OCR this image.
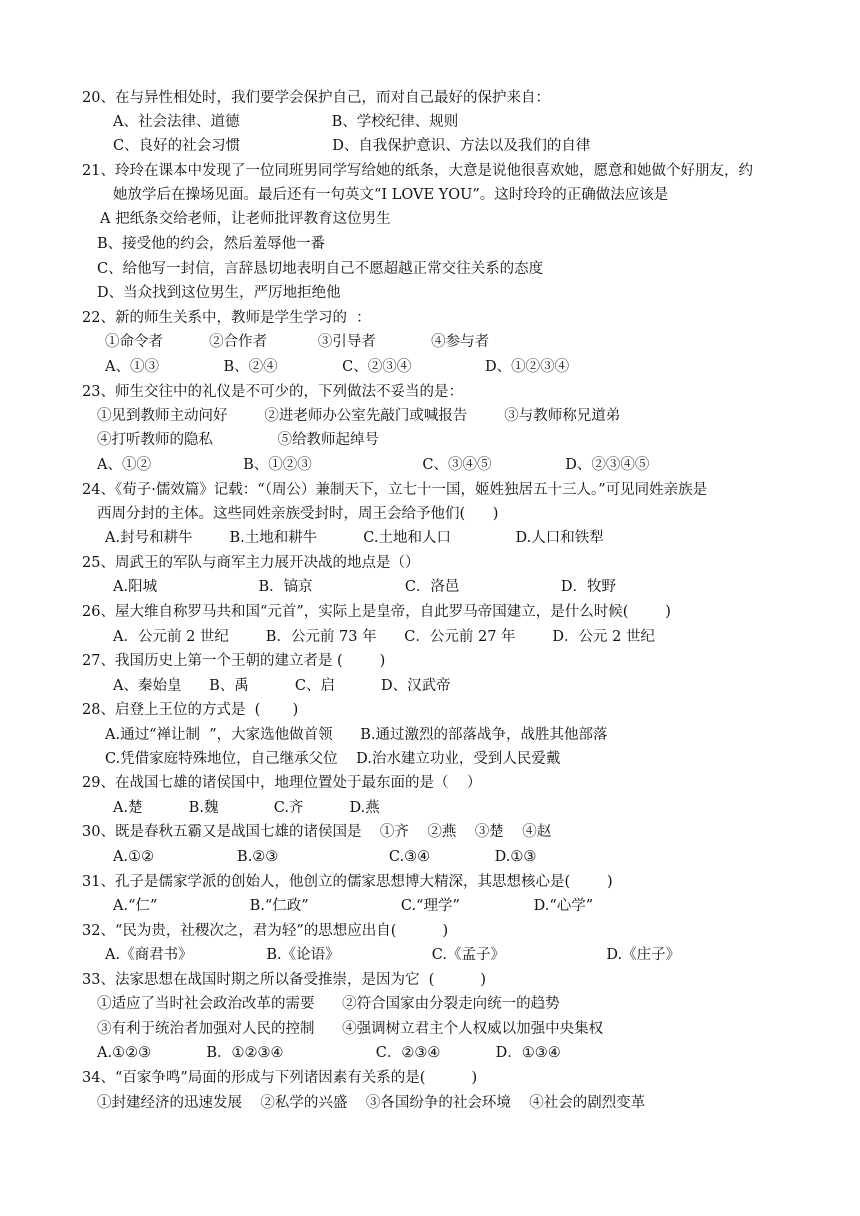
20、在与异性相处时，我们要学会保护自己，而对自己最好的保护来自：
A、社会法律、道德                    B、学校纪律、规则
C、良好的社会习惯                    D、自我保护意识、方法以及我们的自律
21、玲玲在课本中发现了一位同班男同学写给她的纸条，大意是说他很喜欢她，愿意和她做个好朋友，约
她放学后在操场见面。最后还有一句英文“I LOVE YOU”。这时玲玲的正确做法应该是
A 把纸条交给老师，让老师批评教育这位男生
B、接受他的约会，然后羞辱他一番
C、给他写一封信，言辞恳切地表明自己不愿超越正常交往关系的态度
D、当众找到这位男生，严厉地拒绝他
22、新的师生关系中，教师是学生学习的  ：
①命令者          ②合作者           ③引导者            ④参与者
A、①③              B、②④              C、②③④                D、①②③④
23、师生交往中的礼仪是不可少的，下列做法不妥当的是：
①见到教师主动问好        ②进老师办公室先敲门或喊报告        ③与教师称兄道弟
④打听教师的隐私              ⑤给教师起绰号
A、①②                    B、①②③                        C、③④⑤                D、②③④⑤
24、《荀子·儒效篇》记载：“（周公）兼制天下，立七十一国，姬姓独居五十三人。”可见同姓亲族是
西周分封的主体。这些同姓亲族受封时，周王会给予他们(      )
A.封号和耕牛        B.土地和耕牛          C.土地和人口              D.人口和铁犁
25、周武王的军队与商军主力展开决战的地点是（）
A.阳城                      B．镐京                    C．洛邑                      D．牧野
26、屋大维自称罗马共和国“元首”，实际上是皇帝，自此罗马帝国建立，是什么时候(        )
A．公元前 2 世纪        B．公元前 73 年      C．公元前 27 年        D．公元 2 世纪
27、我国历史上第一个王朝的建立者是 (        )
A、秦始皇      B、禹          C、启          D、汉武帝
28、启登上王位的方式是  (       )
A.通过“禅让制  ”，大家选他做首领      B.通过激烈的部落战争，战胜其他部落
C.凭借家庭特殊地位，自己继承父位    D.治水建立功业，受到人民爱戴
29、在战国七雄的诸侯国中，地理位置处于最东面的是（    ）
A.楚          B.魏            C.齐          D.燕
30、既是春秋五霸又是战国七雄的诸侯国是    ①齐    ②燕    ③楚    ④赵
A.①②                  B.②③                        C.③④              D.①③
31、孔子是儒家学派的创始人，他创立的儒家思想博大精深，其思想核心是(        )
A.“仁”                    B.“仁政”                    C.“理学”                D.“心学”
32、“民为贵，社稷次之，君为轻”的思想应出自(          )
A.《商君书》                B.《论语》                    C.《孟子》                      D.《庄子》
33、法家思想在战国时期之所以备受推崇，是因为它  (          )
①适应了当时社会政治改革的需要      ②符合国家由分裂走向统一的趋势
③有利于统治者加强对人民的控制      ④强调树立君主个人权威以加强中央集权
A.①②③            B．①②③④                    C．②③④            D．①③④
34、“百家争鸣”局面的形成与下列诸因素有关系的是(          )
①封建经济的迅速发展    ②私学的兴盛    ③各国纷争的社会环境    ④社会的剧烈变革
